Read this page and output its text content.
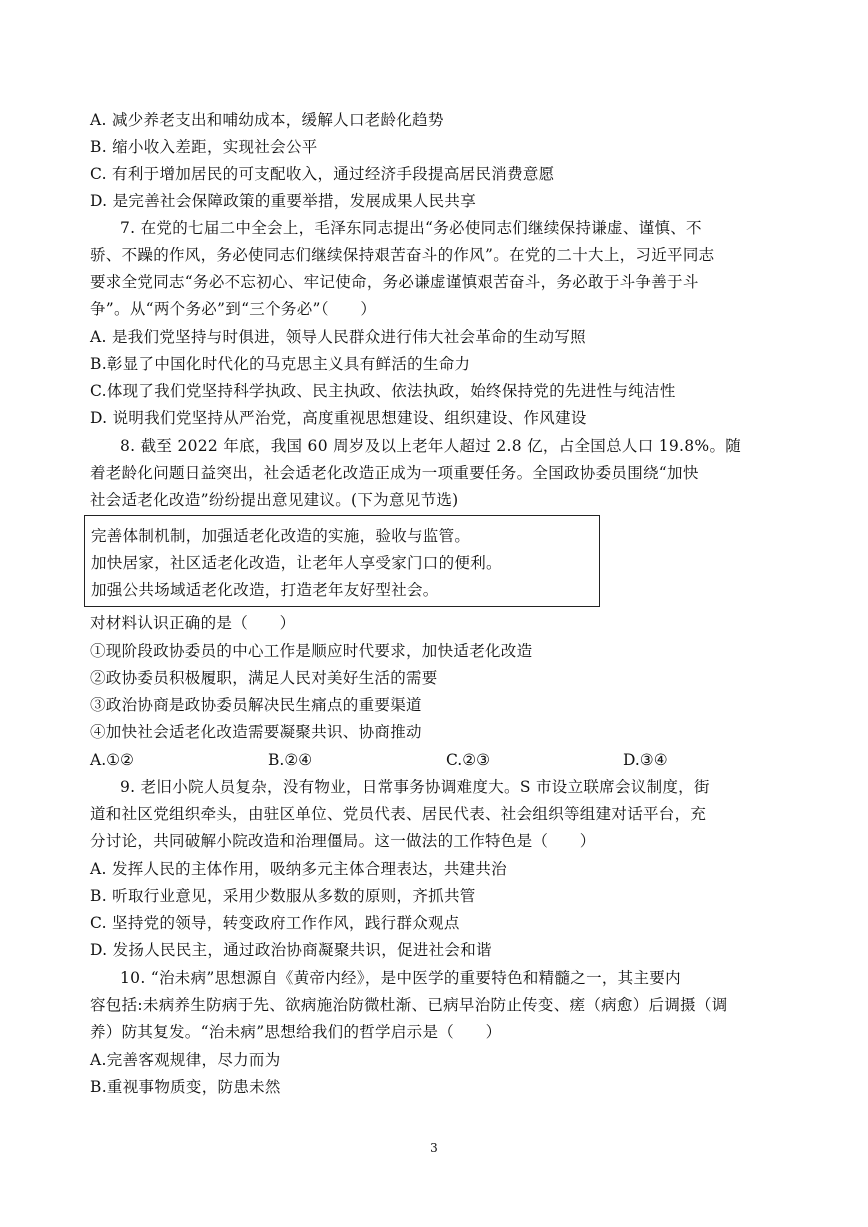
A. 减少养老支出和哺幼成本，缓解人口老龄化趋势
B. 缩小收入差距，实现社会公平
C. 有利于增加居民的可支配收入，通过经济手段提高居民消费意愿
D. 是完善社会保障政策的重要举措，发展成果人民共享
7. 在党的七届二中全会上，毛泽东同志提出“务必使同志们继续保持谦虚、谨慎、不
骄、不躁的作风，务必使同志们继续保持艰苦奋斗的作风”。在党的二十大上，习近平同志
要求全党同志“务必不忘初心、牢记使命，务必谦虚谨慎艰苦奋斗，务必敢于斗争善于斗
争”。从“两个务必”到“三个务必”（　　）
A. 是我们党坚持与时俱进，领导人民群众进行伟大社会革命的生动写照
B.彰显了中国化时代化的马克思主义具有鲜活的生命力
C.体现了我们党坚持科学执政、民主执政、依法执政，始终保持党的先进性与纯洁性
D. 说明我们党坚持从严治党，高度重视思想建设、组织建设、作风建设
8. 截至 2022 年底，我国 60 周岁及以上老年人超过 2.8 亿，占全国总人口 19.8%。随
着老龄化问题日益突出，社会适老化改造正成为一项重要任务。全国政协委员围绕“加快
社会适老化改造”纷纷提出意见建议。(下为意见节选)
完善体制机制，加强适老化改造的实施，验收与监管。
加快居家，社区适老化改造，让老年人享受家门口的便利。
加强公共场域适老化改造，打造老年友好型社会。
对材料认识正确的是（　　）
①现阶段政协委员的中心工作是顺应时代要求，加快适老化改造
②政协委员积极履职，满足人民对美好生活的需要
③政治协商是政协委员解决民生痛点的重要渠道
④加快社会适老化改造需要凝聚共识、协商推动
A.①②	B.②④	C.②③	D.③④
9. 老旧小院人员复杂，没有物业，日常事务协调难度大。S 市设立联席会议制度，街
道和社区党组织牵头，由驻区单位、党员代表、居民代表、社会组织等组建对话平台，充
分讨论，共同破解小院改造和治理僵局。这一做法的工作特色是（　　）
A. 发挥人民的主体作用，吸纳多元主体合理表达，共建共治
B. 听取行业意见，采用少数服从多数的原则，齐抓共管
C. 坚持党的领导，转变政府工作作风，践行群众观点
D. 发扬人民民主，通过政治协商凝聚共识，促进社会和谐
10. “治未病”思想源自《黄帝内经》，是中医学的重要特色和精髓之一，其主要内
容包括:未病养生防病于先、欲病施治防微杜渐、已病早治防止传变、瘥（病愈）后调摄（调
养）防其复发。“治未病”思想给我们的哲学启示是（　　）
A.完善客观规律，尽力而为
B.重视事物质变，防患未然
3
